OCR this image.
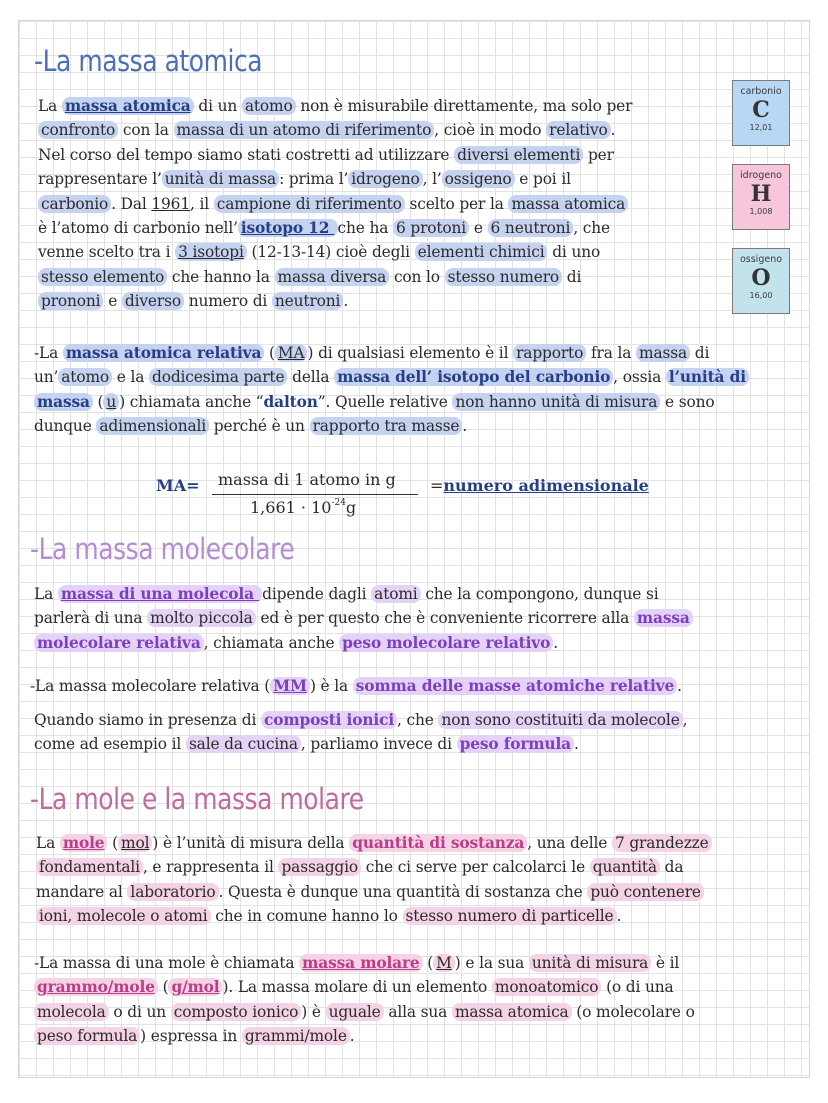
-La massa atomica
carbonio
C
12,01
idrogeno
H
1,008
ossigeno
O
16,00
La massa atomica di un atomo non è misurabile direttamente, ma solo per
confronto con la massa di un atomo di riferimento , cioè in modo relativo .
Nel corso del tempo siamo stati costretti ad utilizzare diversi elementi per
rappresentare l’ unità di massa : prima l’ idrogeno , l’ ossigeno e poi il
carbonio . Dal 1961, il campione di riferimento scelto per la massa atomica
è l’atomo di carbonio nell’ isotopo 12 che ha 6 protoni e 6 neutroni , che
venne scelto tra i 3 isotopi (12-13-14) cioè degli elementi chimici di uno
stesso elemento che hanno la massa diversa con lo stesso numero di
prononi e diverso numero di neutroni .
-La massa atomica relativa ( MA ) di qualsiasi elemento è il rapporto fra la massa di
un’ atomo e la dodicesima parte della massa dell’ isotopo del carbonio , ossia l’unità di
massa ( u ) chiamata anche “dalton”. Quelle relative non hanno unità di misura e sono
dunque adimensionali perché è un rapporto tra masse .
MA= massa di 1 atomo in g
$1,661 \cdot 10^{-24}g$
=numero adimensionale
-La massa molecolare
La massa di una molecola dipende dagli atomi che la compongono, dunque si
parlerà di una molto piccola ed è per questo che è conveniente ricorrere alla massa
molecolare relativa , chiamata anche peso molecolare relativo .
-La massa molecolare relativa ( MM ) è la somma delle masse atomiche relative .
Quando siamo in presenza di composti ionici , che non sono costituiti da molecole ,
come ad esempio il sale da cucina , parliamo invece di peso formula .
-La mole e la massa molare
La mole ( mol ) è l’unità di misura della quantità di sostanza , una delle 7 grandezze
fondamentali , e rappresenta il passaggio che ci serve per calcolarci le quantità da
mandare al laboratorio . Questa è dunque una quantità di sostanza che può contenere
ioni, molecole o atomi che in comune hanno lo stesso numero di particelle .
-La massa di una mole è chiamata massa molare ( M ) e la sua unità di misura è il
grammo/mole ( g/mol ). La massa molare di un elemento monoatomico (o di una
molecola o di un composto ionico ) è uguale alla sua massa atomica (o molecolare o
peso formula ) espressa in grammi/mole .
